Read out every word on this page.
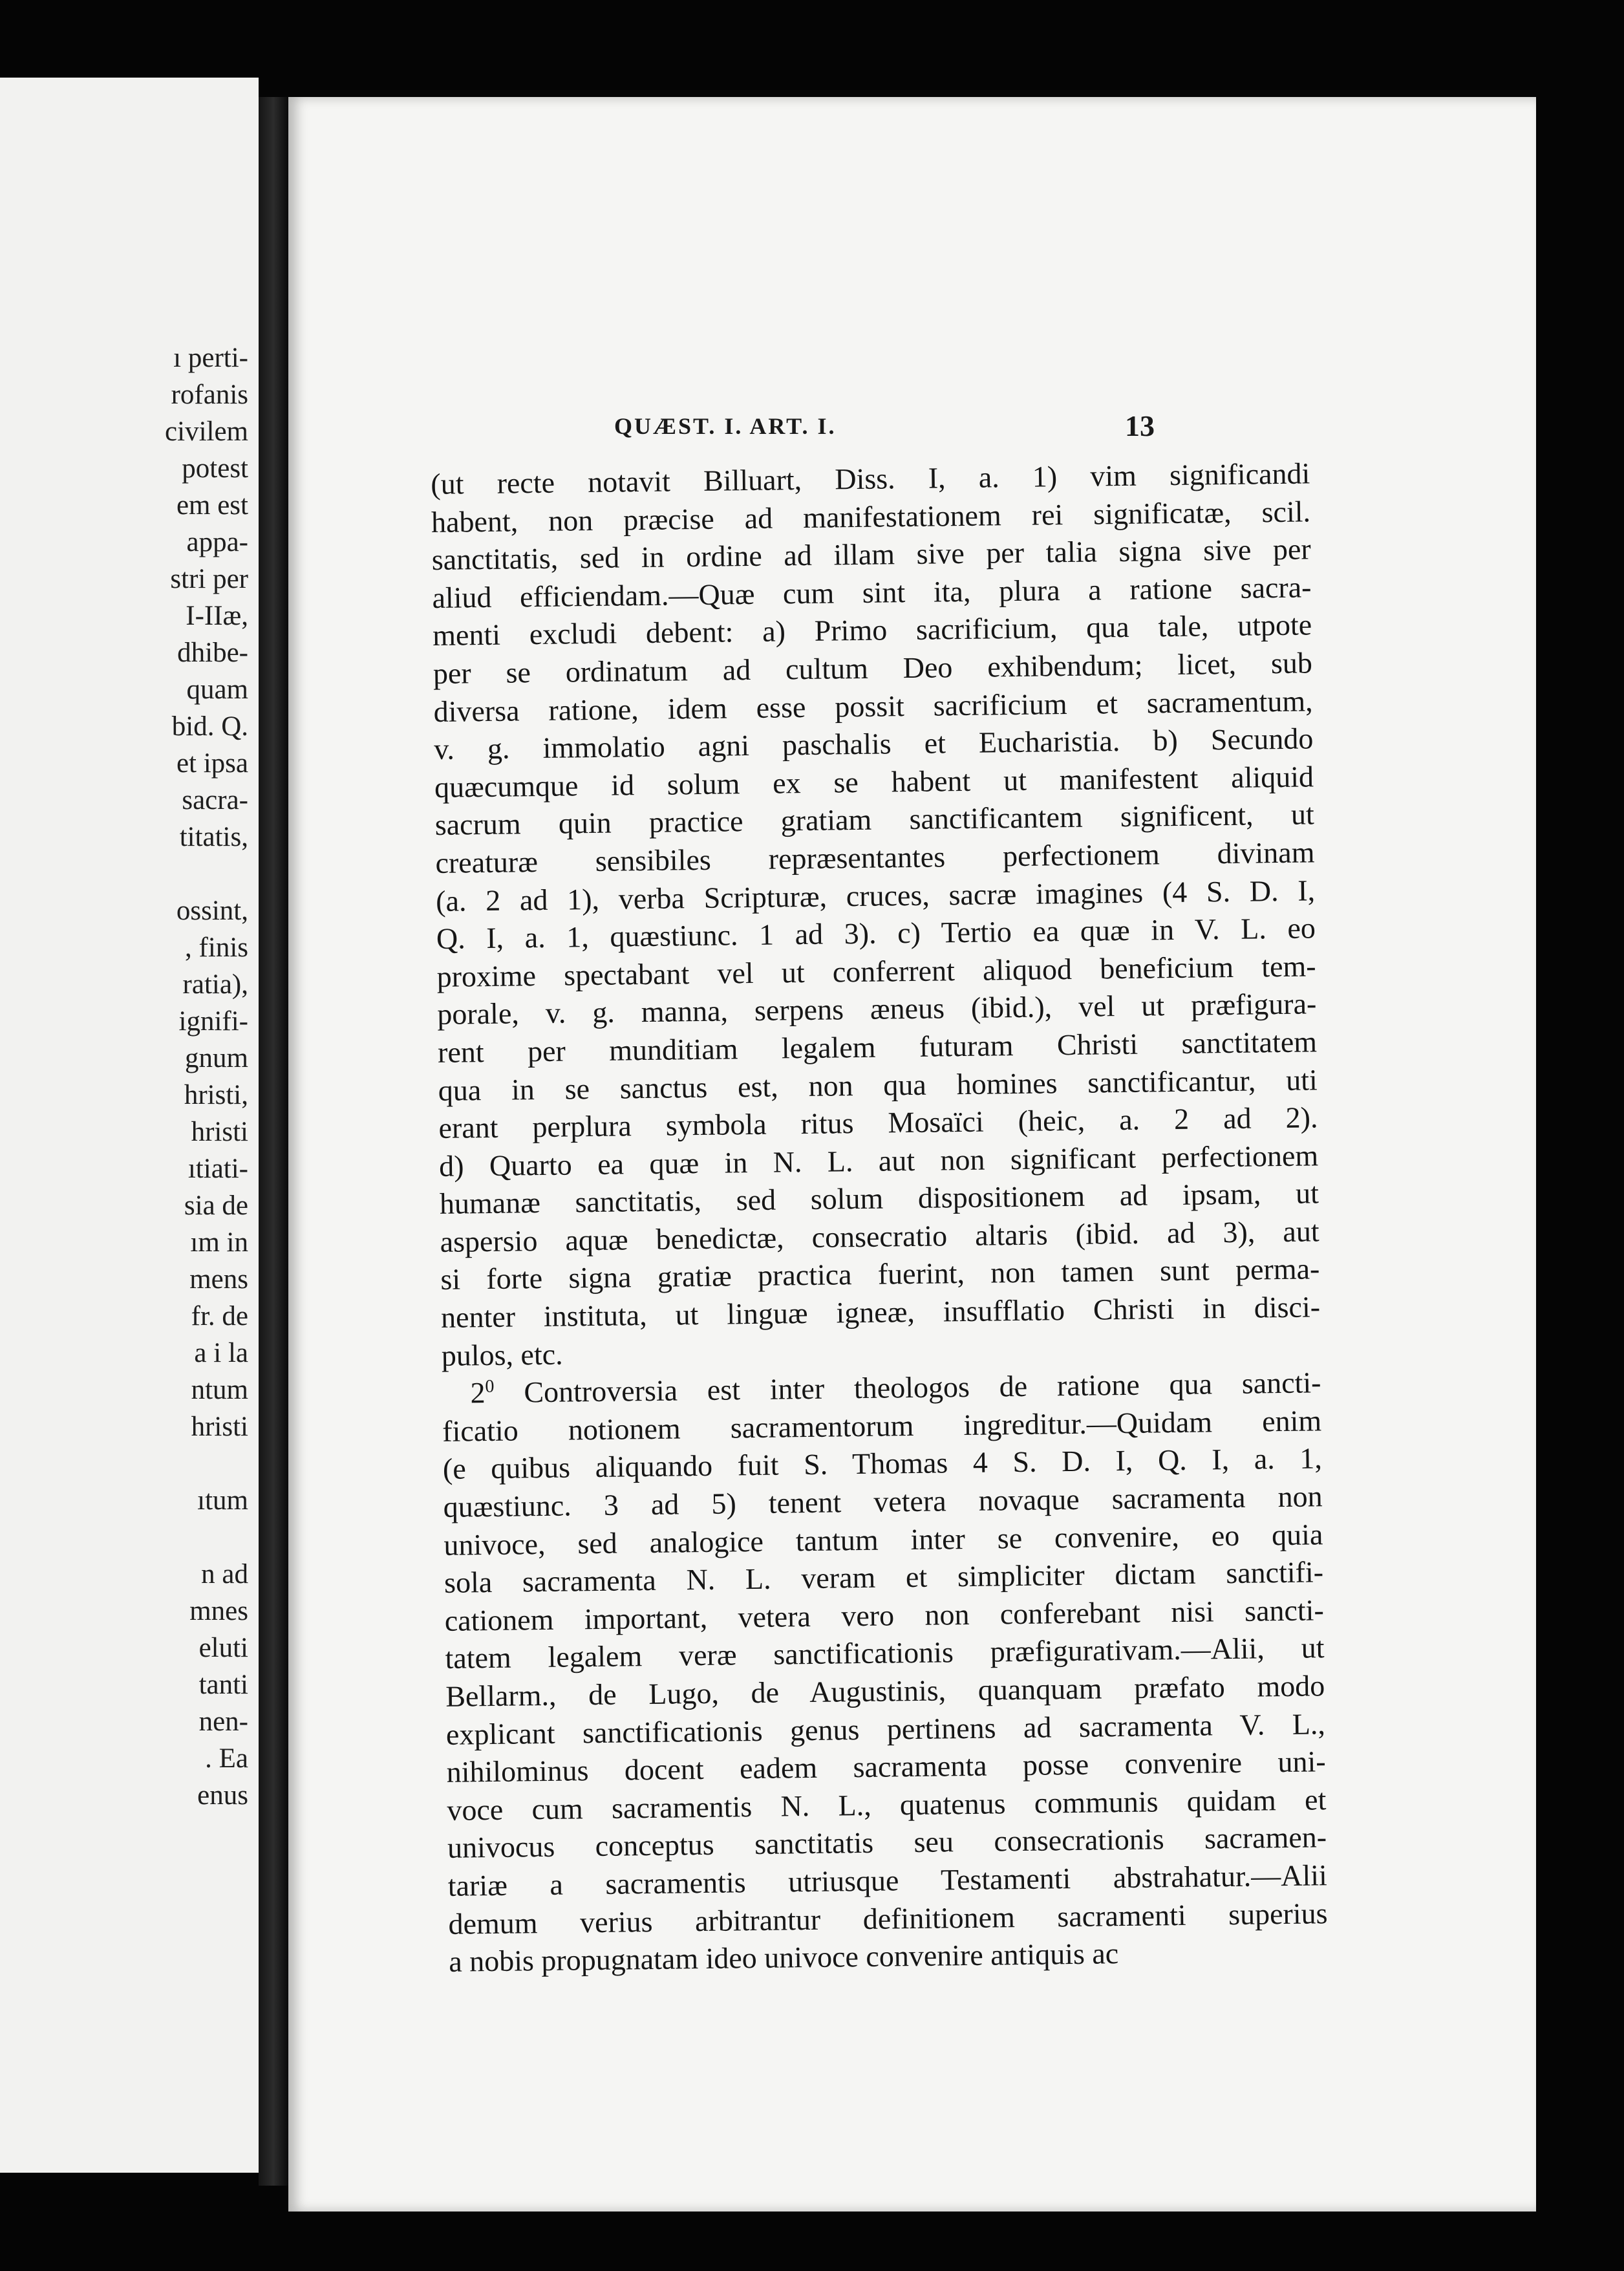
ı perti-
rofanis
civilem
potest
em est
appa-
stri per
I-IIæ,
dhibe-
quam
bid. Q.
et ipsa
sacra-
titatis,
ossint,
, finis
ratia),
ignifi-
gnum
hristi,
hristi
ıtiati-
sia de
ım in
mens
fr. de
a i la
ntum
hristi
ıtum
n ad
mnes
eluti
tanti
nen-
. Ea
enus
QUÆST. I. ART. I.	13
(ut recte notavit Billuart, Diss. I, a. 1) vim significandi
habent, non præcise ad manifestationem rei significatæ, scil.
sanctitatis, sed in ordine ad illam sive per talia signa sive per
aliud efficiendam.—Quæ cum sint ita, plura a ratione sacra-
menti excludi debent: a) Primo sacrificium, qua tale, utpote
per se ordinatum ad cultum Deo exhibendum; licet, sub
diversa ratione, idem esse possit sacrificium et sacramentum,
v. g. immolatio agni paschalis et Eucharistia. b) Secundo
quæcumque id solum ex se habent ut manifestent aliquid
sacrum quin practice gratiam sanctificantem significent, ut
creaturæ sensibiles repræsentantes perfectionem divinam
(a. 2 ad 1), verba Scripturæ, cruces, sacræ imagines (4 S. D. I,
Q. I, a. 1, quæstiunc. 1 ad 3). c) Tertio ea quæ in V. L. eo
proxime spectabant vel ut conferrent aliquod beneficium tem-
porale, v. g. manna, serpens æneus (ibid.), vel ut præfigura-
rent per munditiam legalem futuram Christi sanctitatem
qua in se sanctus est, non qua homines sanctificantur, uti
erant perplura symbola ritus Mosaïci (heic, a. 2 ad 2).
d) Quarto ea quæ in N. L. aut non significant perfectionem
humanæ sanctitatis, sed solum dispositionem ad ipsam, ut
aspersio aquæ benedictæ, consecratio altaris (ibid. ad 3), aut
si forte signa gratiæ practica fuerint, non tamen sunt perma-
nenter instituta, ut linguæ igneæ, insufflatio Christi in disci-
pulos, etc.
$2^0$ Controversia est inter theologos de ratione qua sancti-
ficatio notionem sacramentorum ingreditur.—Quidam enim
(e quibus aliquando fuit S. Thomas 4 S. D. I, Q. I, a. 1,
quæstiunc. 3 ad 5) tenent vetera novaque sacramenta non
univoce, sed analogice tantum inter se convenire, eo quia
sola sacramenta N. L. veram et simpliciter dictam sanctifi-
cationem important, vetera vero non conferebant nisi sancti-
tatem legalem veræ sanctificationis præfigurativam.—Alii, ut
Bellarm., de Lugo, de Augustinis, quanquam præfato modo
explicant sanctificationis genus pertinens ad sacramenta V. L.,
nihilominus docent eadem sacramenta posse convenire uni-
voce cum sacramentis N. L., quatenus communis quidam et
univocus conceptus sanctitatis seu consecrationis sacramen-
tariæ a sacramentis utriusque Testamenti abstrahatur.—Alii
demum verius arbitrantur definitionem sacramenti superius
a nobis propugnatam ideo univoce convenire antiquis ac
